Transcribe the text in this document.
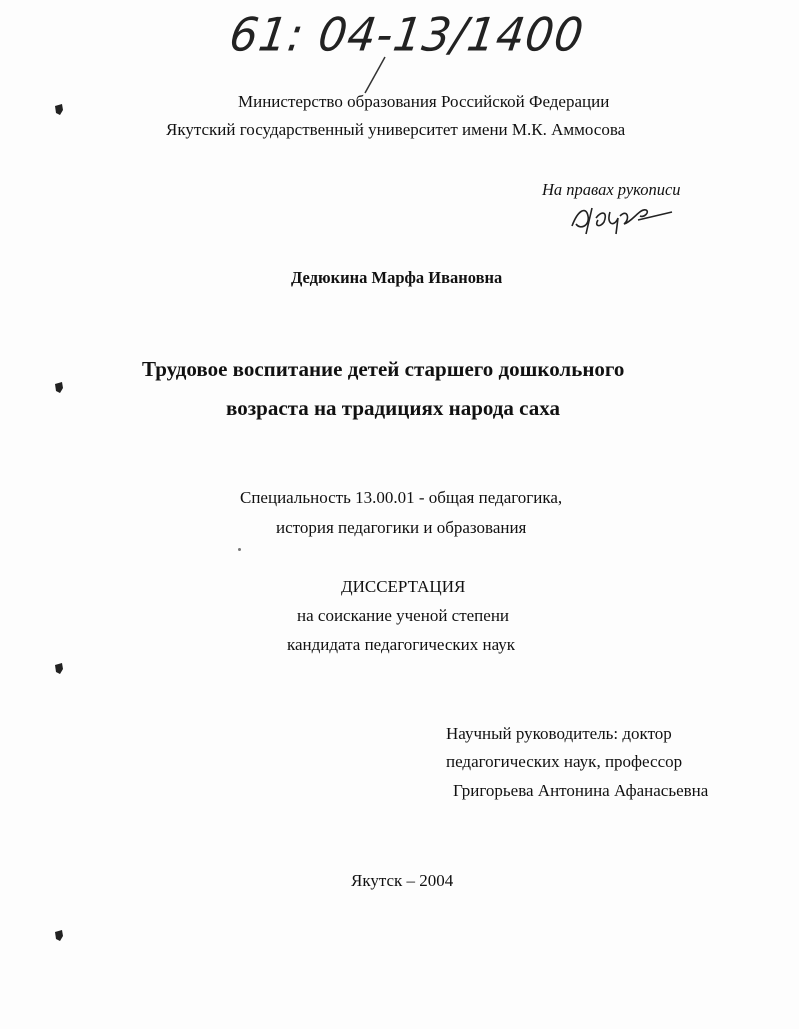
61: 04-13/1400
Министерство образования Российской Федерации
Якутский государственный университет имени М.К. Аммосова
На правах рукописи
Дедюкина Марфа Ивановна
Трудовое воспитание детей старшего дошкольного
возраста на традициях народа саха
Специальность 13.00.01 - общая педагогика,
история педагогики и образования
ДИССЕРТАЦИЯ
на соискание ученой степени
кандидата педагогических наук
Научный руководитель: доктор
педагогических наук, профессор
Григорьева Антонина Афанасьевна
Якутск – 2004
